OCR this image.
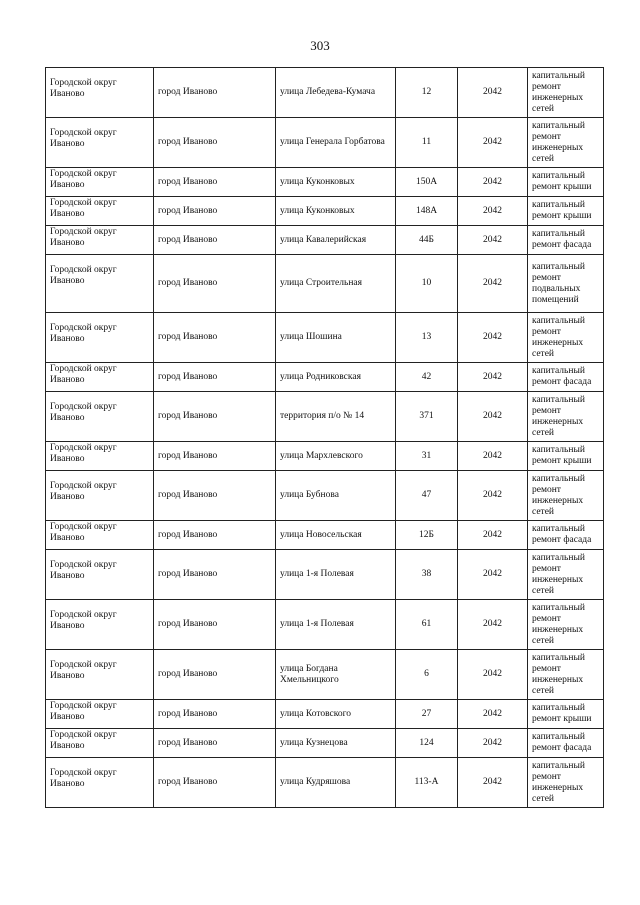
303
Городской округ Иваново	город Иваново	улица Лебедева-Кумача	12	2042	капитальный ремонт инженерных сетей
Городской округ Иваново	город Иваново	улица Генерала Горбатова	11	2042	капитальный ремонт инженерных сетей
Городской округ Иваново	город Иваново	улица Куконковых	150А	2042	капитальный ремонт крыши
Городской округ Иваново	город Иваново	улица Куконковых	148А	2042	капитальный ремонт крыши
Городской округ Иваново	город Иваново	улица Кавалерийская	44Б	2042	капитальный ремонт фасада
Городской округ Иваново	город Иваново	улица Строительная	10	2042	капитальный ремонт подвальных помещений
Городской округ Иваново	город Иваново	улица Шошина	13	2042	капитальный ремонт инженерных сетей
Городской округ Иваново	город Иваново	улица Родниковская	42	2042	капитальный ремонт фасада
Городской округ Иваново	город Иваново	территория п/о № 14	371	2042	капитальный ремонт инженерных сетей
Городской округ Иваново	город Иваново	улица Мархлевского	31	2042	капитальный ремонт крыши
Городской округ Иваново	город Иваново	улица Бубнова	47	2042	капитальный ремонт инженерных сетей
Городской округ Иваново	город Иваново	улица Новосельская	12Б	2042	капитальный ремонт фасада
Городской округ Иваново	город Иваново	улица 1-я Полевая	38	2042	капитальный ремонт инженерных сетей
Городской округ Иваново	город Иваново	улица 1-я Полевая	61	2042	капитальный ремонт инженерных сетей
Городской округ Иваново	город Иваново	улица Богдана Хмельницкого	6	2042	капитальный ремонт инженерных сетей
Городской округ Иваново	город Иваново	улица Котовского	27	2042	капитальный ремонт крыши
Городской округ Иваново	город Иваново	улица Кузнецова	124	2042	капитальный ремонт фасада
Городской округ Иваново	город Иваново	улица Кудряшова	113-А	2042	капитальный ремонт инженерных сетей
